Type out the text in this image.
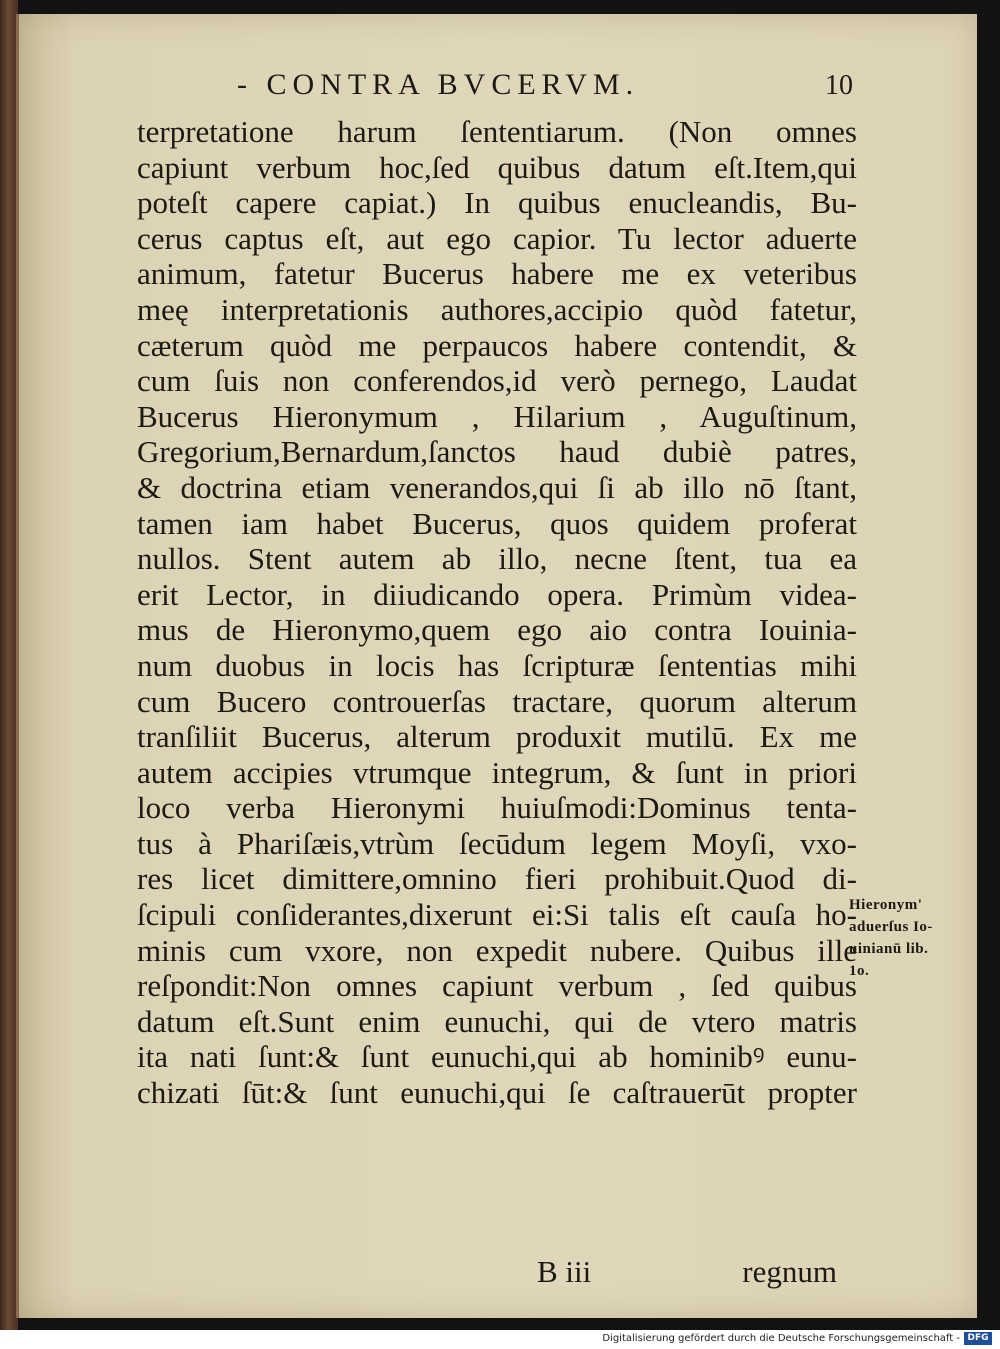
- CONTRA BVCERVM.	10
terpretatione harum ſententiarum. (Non omnes
capiunt verbum hoc,ſed quibus datum eſt.Item,qui
poteſt capere capiat.) In quibus enucleandis, Bu-
cerus captus eſt, aut ego capior. Tu lector aduerte
animum, fatetur Bucerus habere me ex veteribus
meę interpretationis authores,accipio quòd fatetur,
cæterum quòd me perpaucos habere contendit, &
cum ſuis non conferendos,id verò pernego, Laudat
Bucerus Hieronymum , Hilarium , Auguſtinum,
Gregorium,Bernardum,ſanctos haud dubiè patres,
& doctrina etiam venerandos,qui ſi ab illo nō ſtant,
tamen iam habet Bucerus, quos quidem proferat
nullos. Stent autem ab illo, necne ſtent, tua ea
erit Lector, in diiudicando opera. Primùm videa-
mus de Hieronymo,quem ego aio contra Iouinia-
num duobus in locis has ſcripturæ ſententias mihi
cum Bucero controuerſas tractare, quorum alterum
tranſiliit Bucerus, alterum produxit mutilū. Ex me
autem accipies vtrumque integrum, & ſunt in priori
loco verba Hieronymi huiuſmodi:Dominus tenta-
tus à Phariſæis,vtrùm ſecūdum legem Moyſi, vxo-
res licet dimittere,omnino fieri prohibuit.Quod di-
ſcipuli conſiderantes,dixerunt ei:Si talis eſt cauſa ho-
minis cum vxore, non expedit nubere. Quibus ille
reſpondit:Non omnes capiunt verbum , ſed quibus
datum eſt.Sunt enim eunuchi, qui de vtero matris
ita nati ſunt:& ſunt eunuchi,qui ab hominibꝰ eunu-
chizati ſūt:& ſunt eunuchi,qui ſe caſtrauerūt propter
Hieronym'
aduerſus Io-
uinianū lib.
1o.
B iii	regnum
Digitalisierung gefördert durch die Deutsche Forschungsgemeinschaft - DFG
